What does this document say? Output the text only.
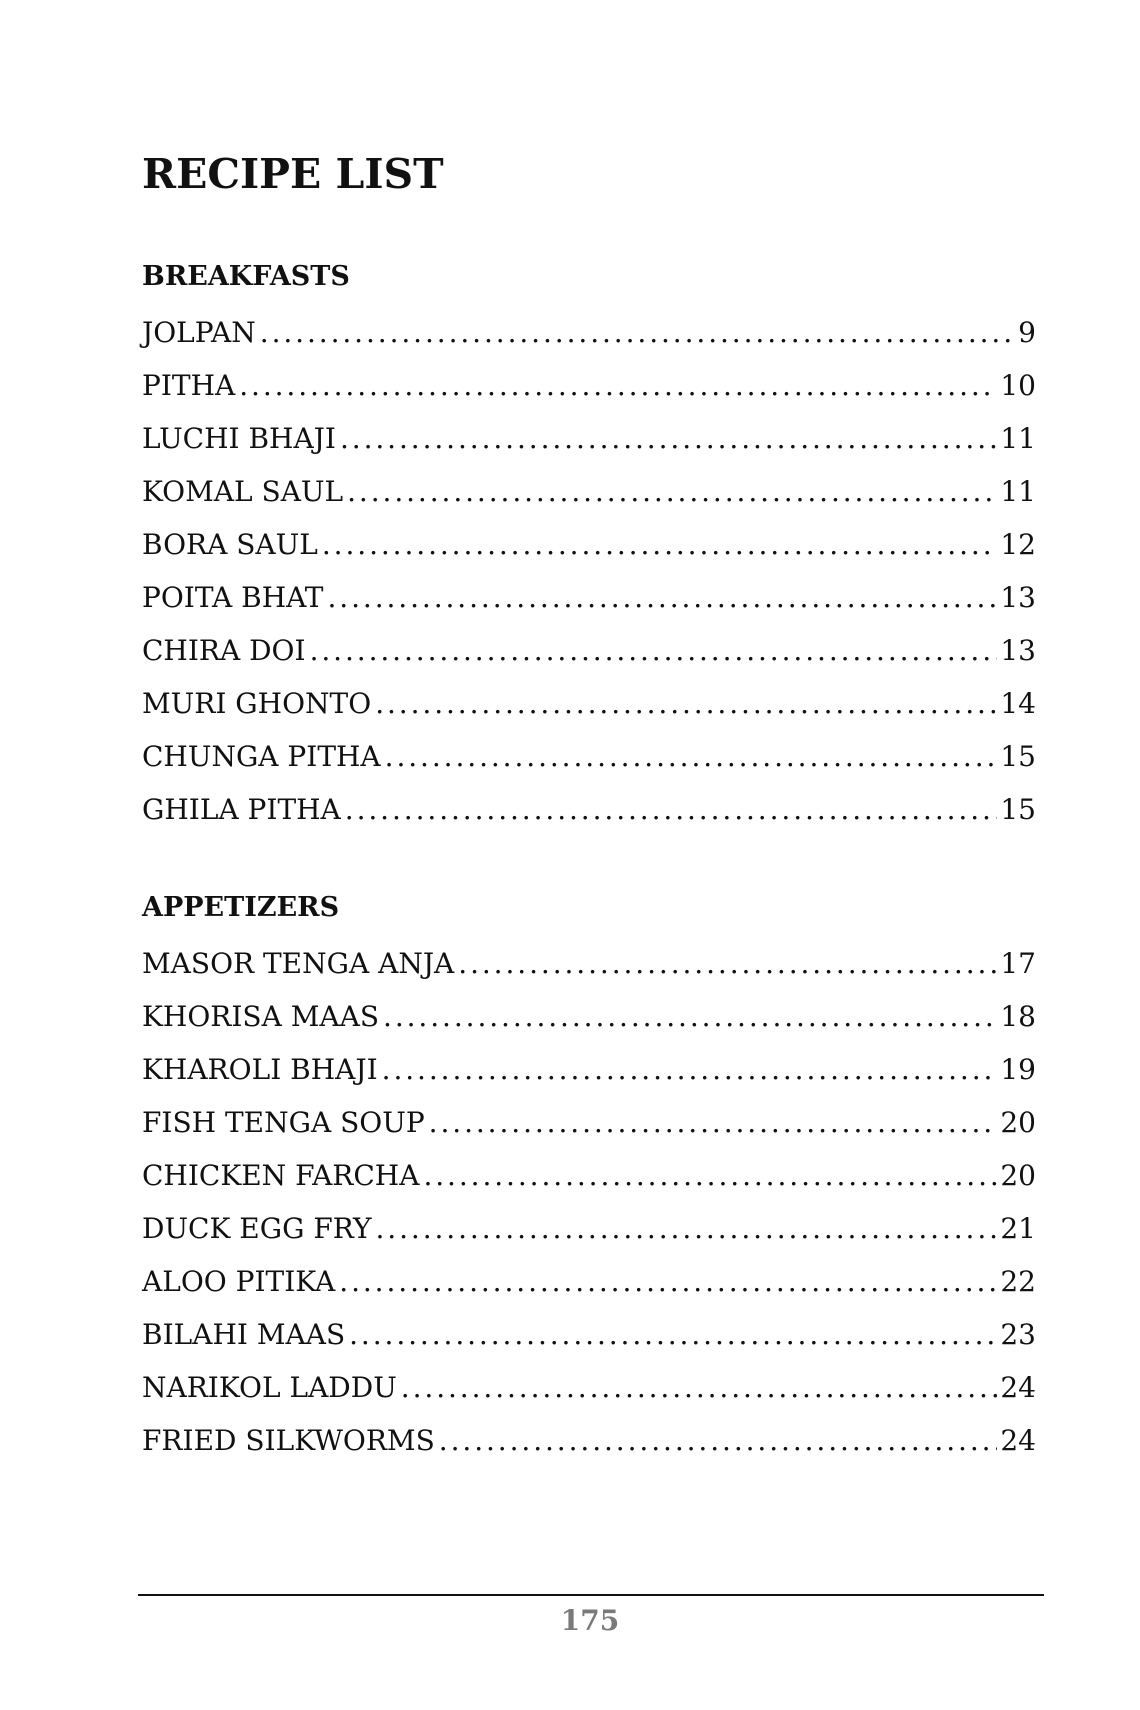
RECIPE LIST
BREAKFASTS
JOLPAN . . .	9
PITHA . . .	10
LUCHI BHAJI . . .	11
KOMAL SAUL . . .	11
BORA SAUL . . .	12
POITA BHAT . . .	13
CHIRA DOI . . .	13
MURI GHONTO . . .	14
CHUNGA PITHA . . .	15
GHILA PITHA . . .	15
APPETIZERS
MASOR TENGA ANJA . . .	17
KHORISA MAAS . . .	18
KHAROLI BHAJI . . .	19
FISH TENGA SOUP . . .	20
CHICKEN FARCHA . . .	20
DUCK EGG FRY . . .	21
ALOO PITIKA . . .	22
BILAHI MAAS . . .	23
NARIKOL LADDU . . .	24
FRIED SILKWORMS . . .	24
175
